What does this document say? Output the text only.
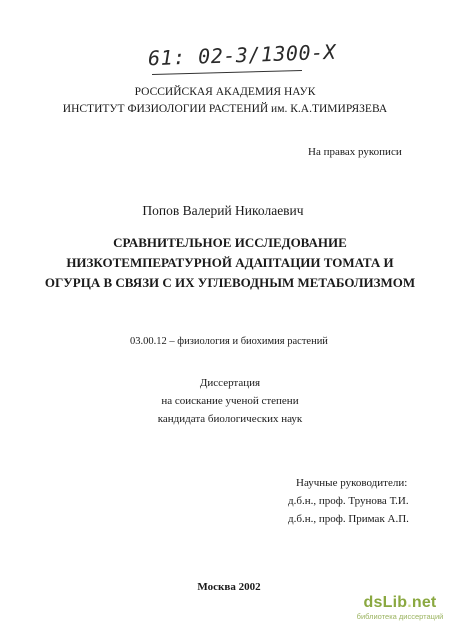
61: 02-3/1300-X
РОССИЙСКАЯ АКАДЕМИЯ НАУК
ИНСТИТУТ ФИЗИОЛОГИИ РАСТЕНИЙ им. К.А.ТИМИРЯЗЕВА
На правах рукописи
Попов Валерий Николаевич
СРАВНИТЕЛЬНОЕ ИССЛЕДОВАНИЕ
НИЗКОТЕМПЕРАТУРНОЙ АДАПТАЦИИ ТОМАТА И
ОГУРЦА В СВЯЗИ С ИХ УГЛЕВОДНЫМ МЕТАБОЛИЗМОМ
03.00.12 – физиология и биохимия растений
Диссертация
на соискание ученой степени
кандидата биологических наук
Научные руководители:
д.б.н., проф. Трунова Т.И.
д.б.н., проф. Примак А.П.
Москва 2002
dsLib.net
библиотека диссертаций
